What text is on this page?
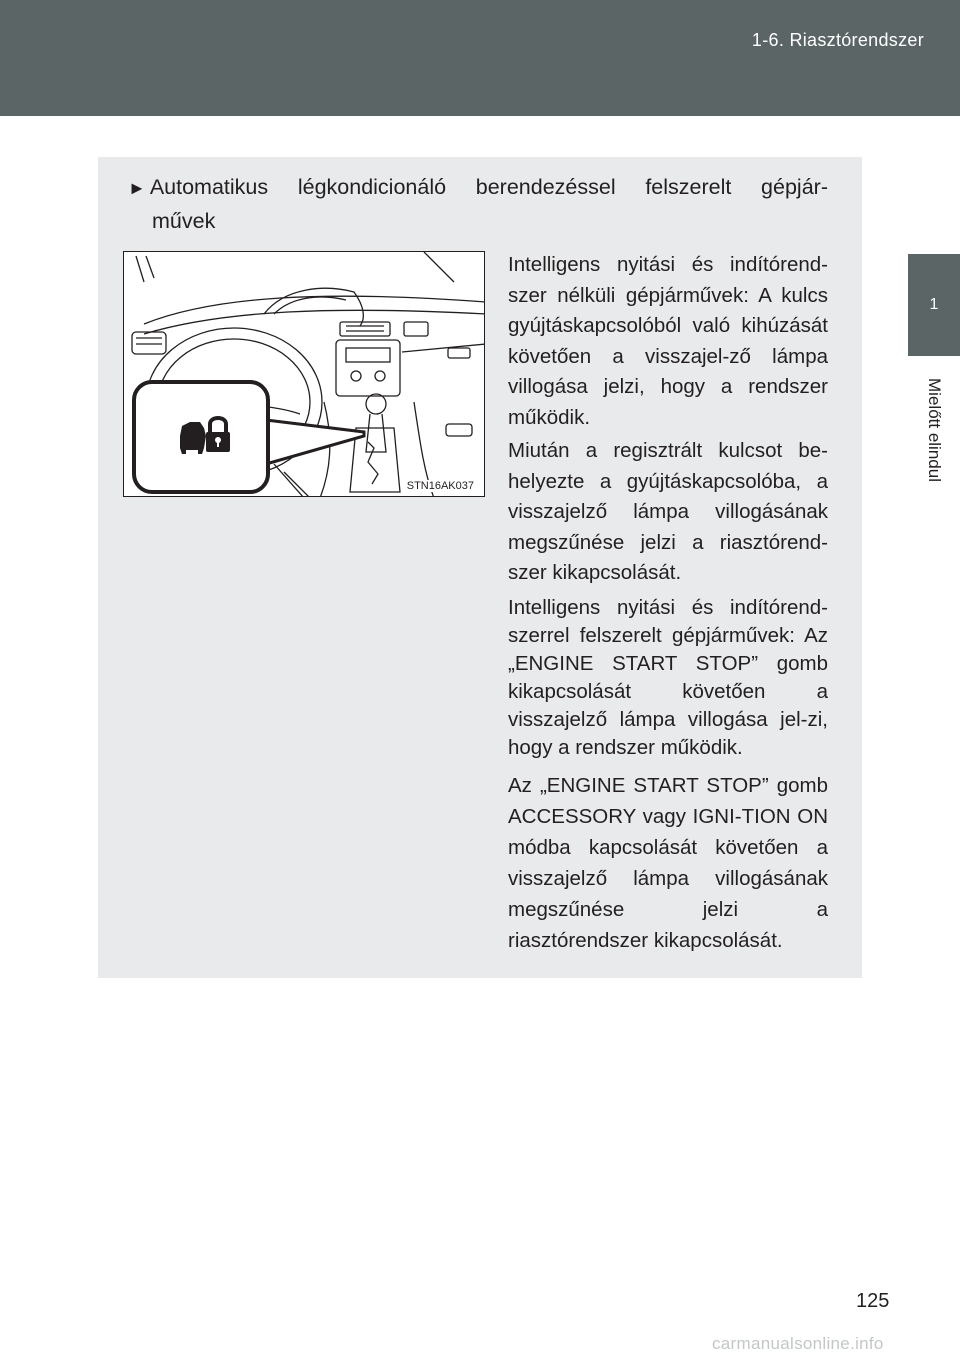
1-6. Riasztórendszer
1
Mielőtt elindul
► Automatikus légkondicionáló berendezéssel felszerelt gépjár-
művek
STN16AK037

Intelligens nyitási és indítórend-szer nélküli gépjárművek: A kulcs gyújtáskapcsolóból való kihúzását követően a visszajel-ző lámpa villogása jelzi, hogy a rendszer működik.

Miután a regisztrált kulcsot be-helyezte a gyújtáskapcsolóba, a visszajelző lámpa villogásának megszűnése jelzi a riasztórend-szer kikapcsolását.

Intelligens nyitási és indítórend-szerrel felszerelt gépjárművek: Az „ENGINE START STOP” gomb kikapcsolását követően a visszajelző lámpa villogása jel-zi, hogy a rendszer működik.

Az „ENGINE START STOP” gomb ACCESSORY vagy IGNI-TION ON módba kapcsolását követően a visszajelző lámpa villogásának megszűnése jelzi a riasztórendszer kikapcsolását.

125
carmanualsonline.info
